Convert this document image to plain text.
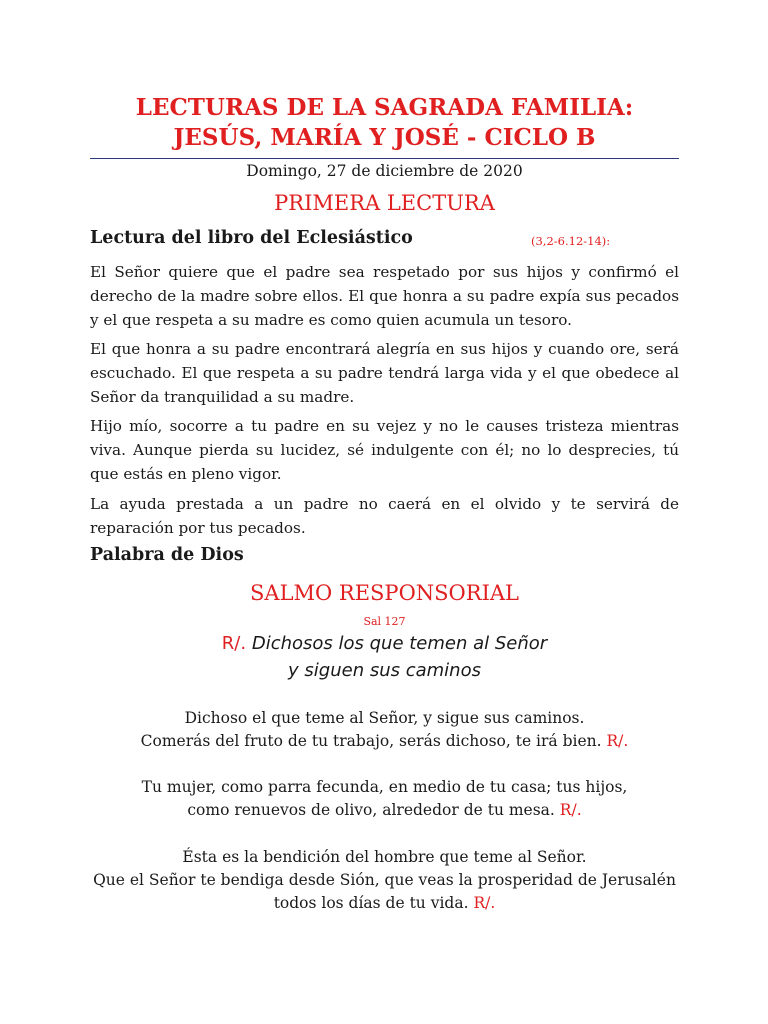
LECTURAS DE LA SAGRADA FAMILIA:
JESÚS, MARÍA Y JOSÉ - CICLO B
Domingo, 27 de diciembre de 2020
PRIMERA LECTURA
Lectura del libro del Eclesiástico	(3,2-6.12-14):

El Señor quiere que el padre sea respetado por sus hijos y confirmó el derecho de la madre sobre ellos. El que honra a su padre expía sus pecados y el que respeta a su madre es como quien acumula un tesoro.

El que honra a su padre encontrará alegría en sus hijos y cuando ore, será escuchado. El que respeta a su padre tendrá larga vida y el que obedece al Señor da tranquilidad a su madre.

Hijo mío, socorre a tu padre en su vejez y no le causes tristeza mientras viva. Aunque pierda su lucidez, sé indulgente con él; no lo desprecies, tú que estás en pleno vigor.

La ayuda prestada a un padre no caerá en el olvido y te servirá de reparación por tus pecados.

Palabra de Dios
SALMO RESPONSORIAL
Sal 127
R/. Dichosos los que temen al Señor
y siguen sus caminos
Dichoso el que teme al Señor, y sigue sus caminos.
Comerás del fruto de tu trabajo, serás dichoso, te irá bien. R/.
Tu mujer, como parra fecunda, en medio de tu casa; tus hijos,
como renuevos de olivo, alrededor de tu mesa. R/.
Ésta es la bendición del hombre que teme al Señor.
Que el Señor te bendiga desde Sión, que veas la prosperidad de Jerusalén
todos los días de tu vida. R/.
